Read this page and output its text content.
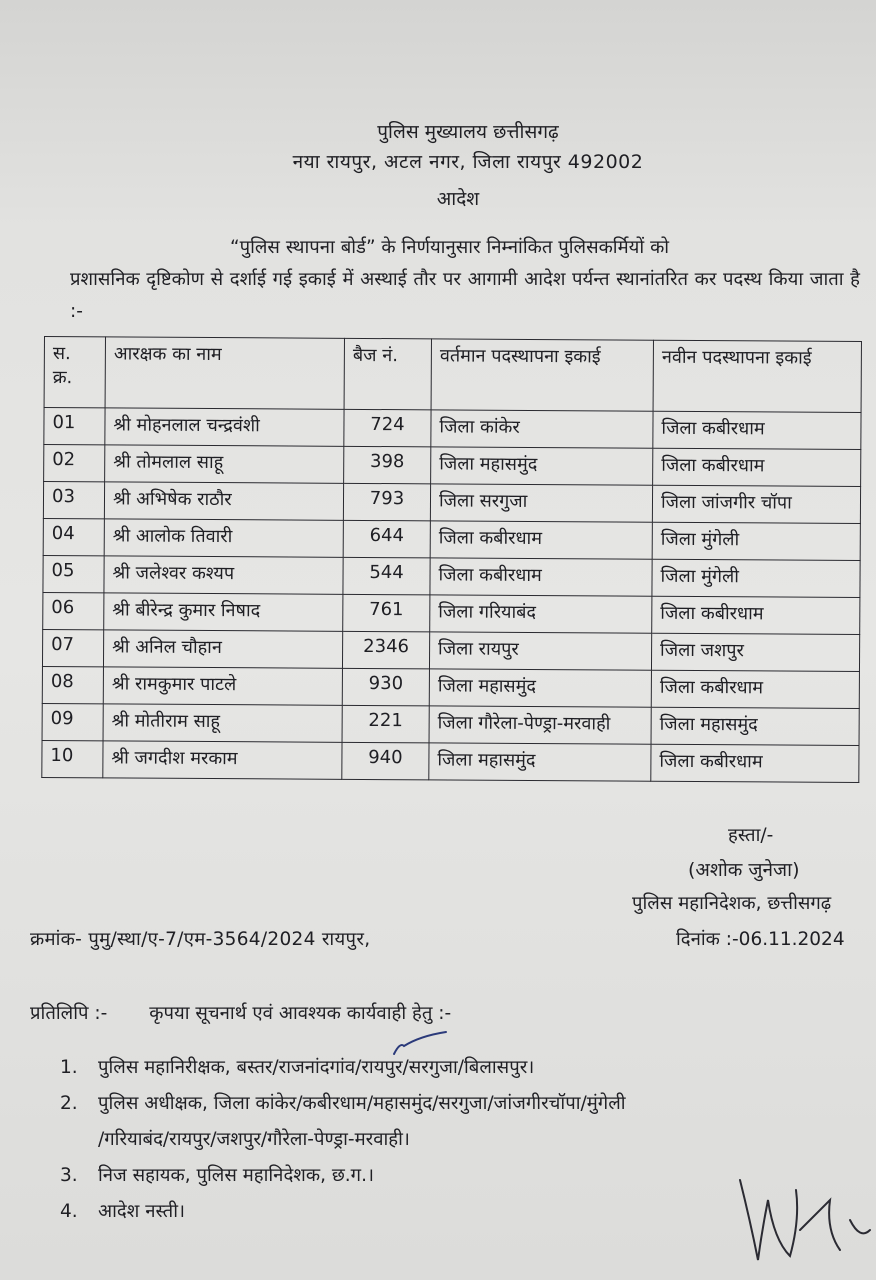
पुलिस मुख्यालय छत्तीसगढ़
नया रायपुर, अटल नगर, जिला रायपुर 492002
आदेश
“पुलिस स्थापना बोर्ड” के निर्णयानुसार निम्नांकित पुलिसकर्मियों को
प्रशासनिक दृष्टिकोण से दर्शाई गई इकाई में अस्थाई तौर पर आगामी आदेश पर्यन्त स्थानांतरित कर पदस्थ किया जाता है :-
स.
क्र.	आरक्षक का नाम	बैज नं.	वर्तमान पदस्थापना इकाई	नवीन पदस्थापना इकाई
01	श्री मोहनलाल चन्द्रवंशी	724	जिला कांकेर	जिला कबीरधाम
02	श्री तोमलाल साहू	398	जिला महासमुंद	जिला कबीरधाम
03	श्री अभिषेक राठौर	793	जिला सरगुजा	जिला जांजगीर चॉपा
04	श्री आलोक तिवारी	644	जिला कबीरधाम	जिला मुंगेली
05	श्री जलेश्वर कश्यप	544	जिला कबीरधाम	जिला मुंगेली
06	श्री बीरेन्द्र कुमार निषाद	761	जिला गरियाबंद	जिला कबीरधाम
07	श्री अनिल चौहान	2346	जिला रायपुर	जिला जशपुर
08	श्री रामकुमार पाटले	930	जिला महासमुंद	जिला कबीरधाम
09	श्री मोतीराम साहू	221	जिला गौरेला-पेण्ड्रा-मरवाही	जिला महासमुंद
10	श्री जगदीश मरकाम	940	जिला महासमुंद	जिला कबीरधाम
हस्ता/-
(अशोक जुनेजा)
पुलिस महानिदेशक, छत्तीसगढ़
क्रमांक- पुमु/स्था/ए-7/एम-3564/2024 रायपुर,	दिनांक :-06.11.2024
प्रतिलिपि :- कृपया सूचनार्थ एवं आवश्यक कार्यवाही हेतु :-
1. पुलिस महानिरीक्षक, बस्तर/राजनांदगांव/रायपुर/सरगुजा/बिलासपुर।
2. पुलिस अधीक्षक, जिला कांकेर/कबीरधाम/महासमुंद/सरगुजा/जांजगीरचॉपा/मुंगेली
/गरियाबंद/रायपुर/जशपुर/गौरेला-पेण्ड्रा-मरवाही।
3. निज सहायक, पुलिस महानिदेशक, छ.ग.।
4. आदेश नस्ती।
